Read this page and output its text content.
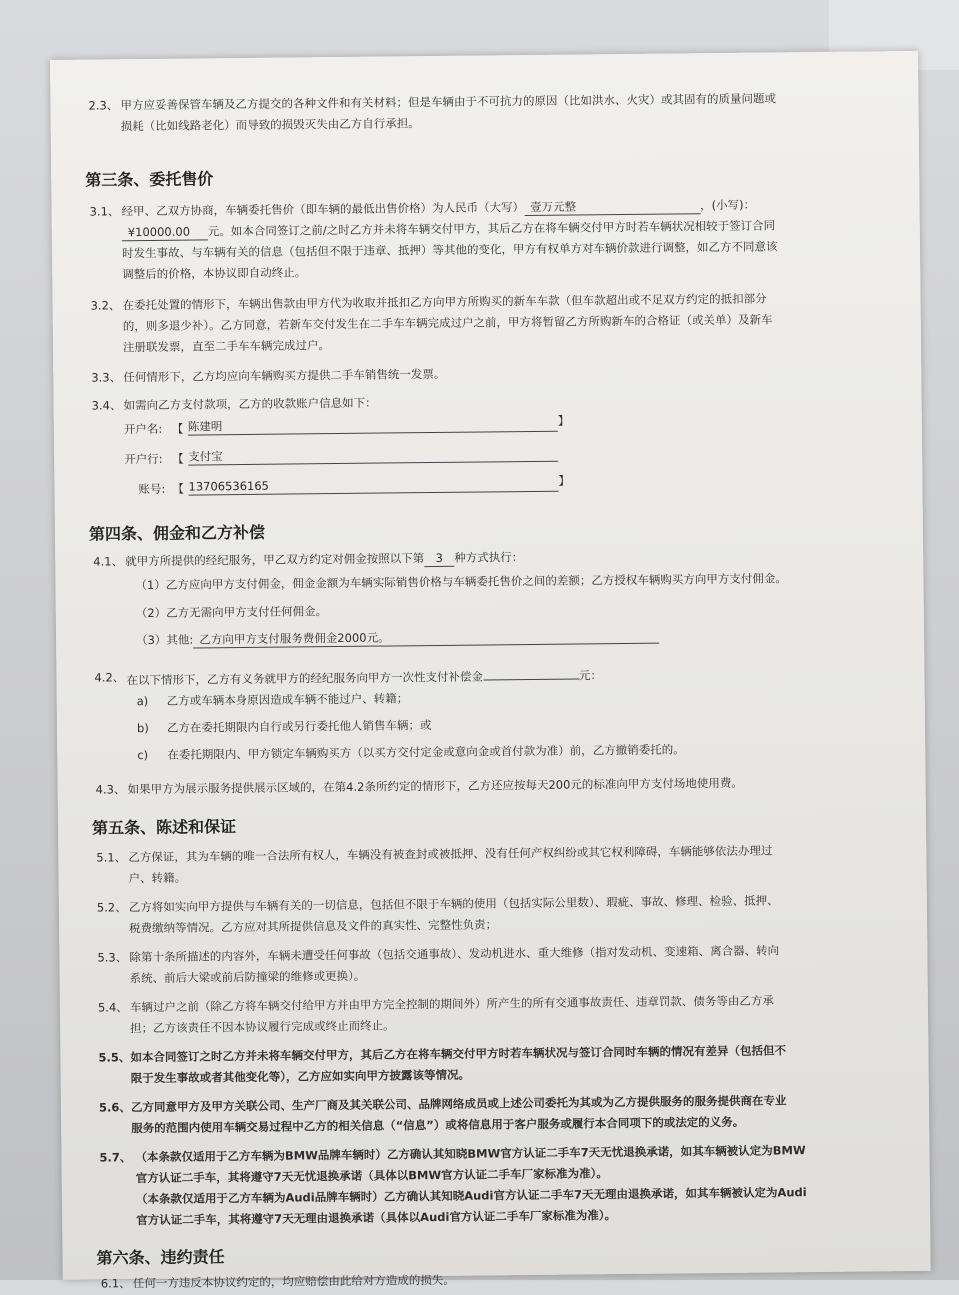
2.3、 甲方应妥善保管车辆及乙方提交的各种文件和有关材料；但是车辆由于不可抗力的原因（比如洪水、火灾）或其固有的质量问题或
损耗（比如线路老化）而导致的损毁灭失由乙方自行承担。
第三条、委托售价
3.1、 经甲、乙双方协商，车辆委托售价（即车辆的最低出售价格）为人民币（大写） 壹万元整	，(小写)：
¥10000.00 元。如本合同签订之前/之时乙方并未将车辆交付甲方，其后乙方在将车辆交付甲方时若车辆状况相较于签订合同
时发生事故、与车辆有关的信息（包括但不限于违章、抵押）等其他的变化，甲方有权单方对车辆价款进行调整，如乙方不同意该
调整后的价格，本协议即自动终止。
3.2、 在委托处置的情形下，车辆出售款由甲方代为收取并抵扣乙方向甲方所购买的新车车款（但车款超出或不足双方约定的抵扣部分
的，则多退少补）。乙方同意，若新车交付发生在二手车车辆完成过户之前，甲方将暂留乙方所购新车的合格证（或关单）及新车
注册联发票，直至二手车车辆完成过户。
3.3、 任何情形下，乙方均应向车辆购买方提供二手车销售统一发票。
3.4、 如需向乙方支付款项，乙方的收款账户信息如下：
开户名: 【 陈建明	】
开户行: 【 支付宝
账号: 【 13706536165	】
第四条、佣金和乙方补偿
4.1、 就甲方所提供的经纪服务，甲乙双方约定对佣金按照以下第 3 种方式执行：
（1）乙方应向甲方支付佣金，佣金金额为车辆实际销售价格与车辆委托售价之间的差额；乙方授权车辆购买方向甲方支付佣金。
（2）乙方无需向甲方支付任何佣金。
（3）其他: 乙方向甲方支付服务费佣金2000元。
4.2、 在以下情形下，乙方有义务就甲方的经纪服务向甲方一次性支付补偿金	元：
a) 乙方或车辆本身原因造成车辆不能过户、转籍；
b) 乙方在委托期限内自行或另行委托他人销售车辆；或
c) 在委托期限内、甲方锁定车辆购买方（以买方交付定金或意向金或首付款为准）前，乙方撤销委托的。
4.3、 如果甲方为展示服务提供展示区域的，在第4.2条所约定的情形下，乙方还应按每天200元的标准向甲方支付场地使用费。
第五条、陈述和保证
5.1、 乙方保证，其为车辆的唯一合法所有权人，车辆没有被查封或被抵押、没有任何产权纠纷或其它权利障碍，车辆能够依法办理过
户、转籍。
5.2、 乙方将如实向甲方提供与车辆有关的一切信息，包括但不限于车辆的使用（包括实际公里数）、瑕疵、事故、修理、检验、抵押、
税费缴纳等情况。乙方应对其所提供信息及文件的真实性、完整性负责；
5.3、 除第十条所描述的内容外，车辆未遭受任何事故（包括交通事故）、发动机进水、重大维修（指对发动机、变速箱、离合器、转向
系统、前后大梁或前后防撞梁的维修或更换）。
5.4、 车辆过户之前（除乙方将车辆交付给甲方并由甲方完全控制的期间外）所产生的所有交通事故责任、违章罚款、债务等由乙方承
担；乙方该责任不因本协议履行完成或终止而终止。
5.5、 如本合同签订之时乙方并未将车辆交付甲方，其后乙方在将车辆交付甲方时若车辆状况与签订合同时车辆的情况有差异（包括但不
限于发生事故或者其他变化等），乙方应如实向甲方披露该等情况。
5.6、 乙方同意甲方及甲方关联公司、生产厂商及其关联公司、品牌网络成员或上述公司委托为其或为乙方提供服务的服务提供商在专业
服务的范围内使用车辆交易过程中乙方的相关信息（“信息”）或将信息用于客户服务或履行本合同项下的或法定的义务。
5.7、 （本条款仅适用于乙方车辆为BMW品牌车辆时）乙方确认其知晓BMW官方认证二手车7天无忧退换承诺，如其车辆被认定为BMW
官方认证二手车，其将遵守7天无忧退换承诺（具体以BMW官方认证二手车厂家标准为准）。
（本条款仅适用于乙方车辆为Audi品牌车辆时）乙方确认其知晓Audi官方认证二手车7天无理由退换承诺，如其车辆被认定为Audi
官方认证二手车，其将遵守7天无理由退换承诺（具体以Audi官方认证二手车厂家标准为准）。
第六条、违约责任
6.1、 任何一方违反本协议约定的，均应赔偿由此给对方造成的损失。
